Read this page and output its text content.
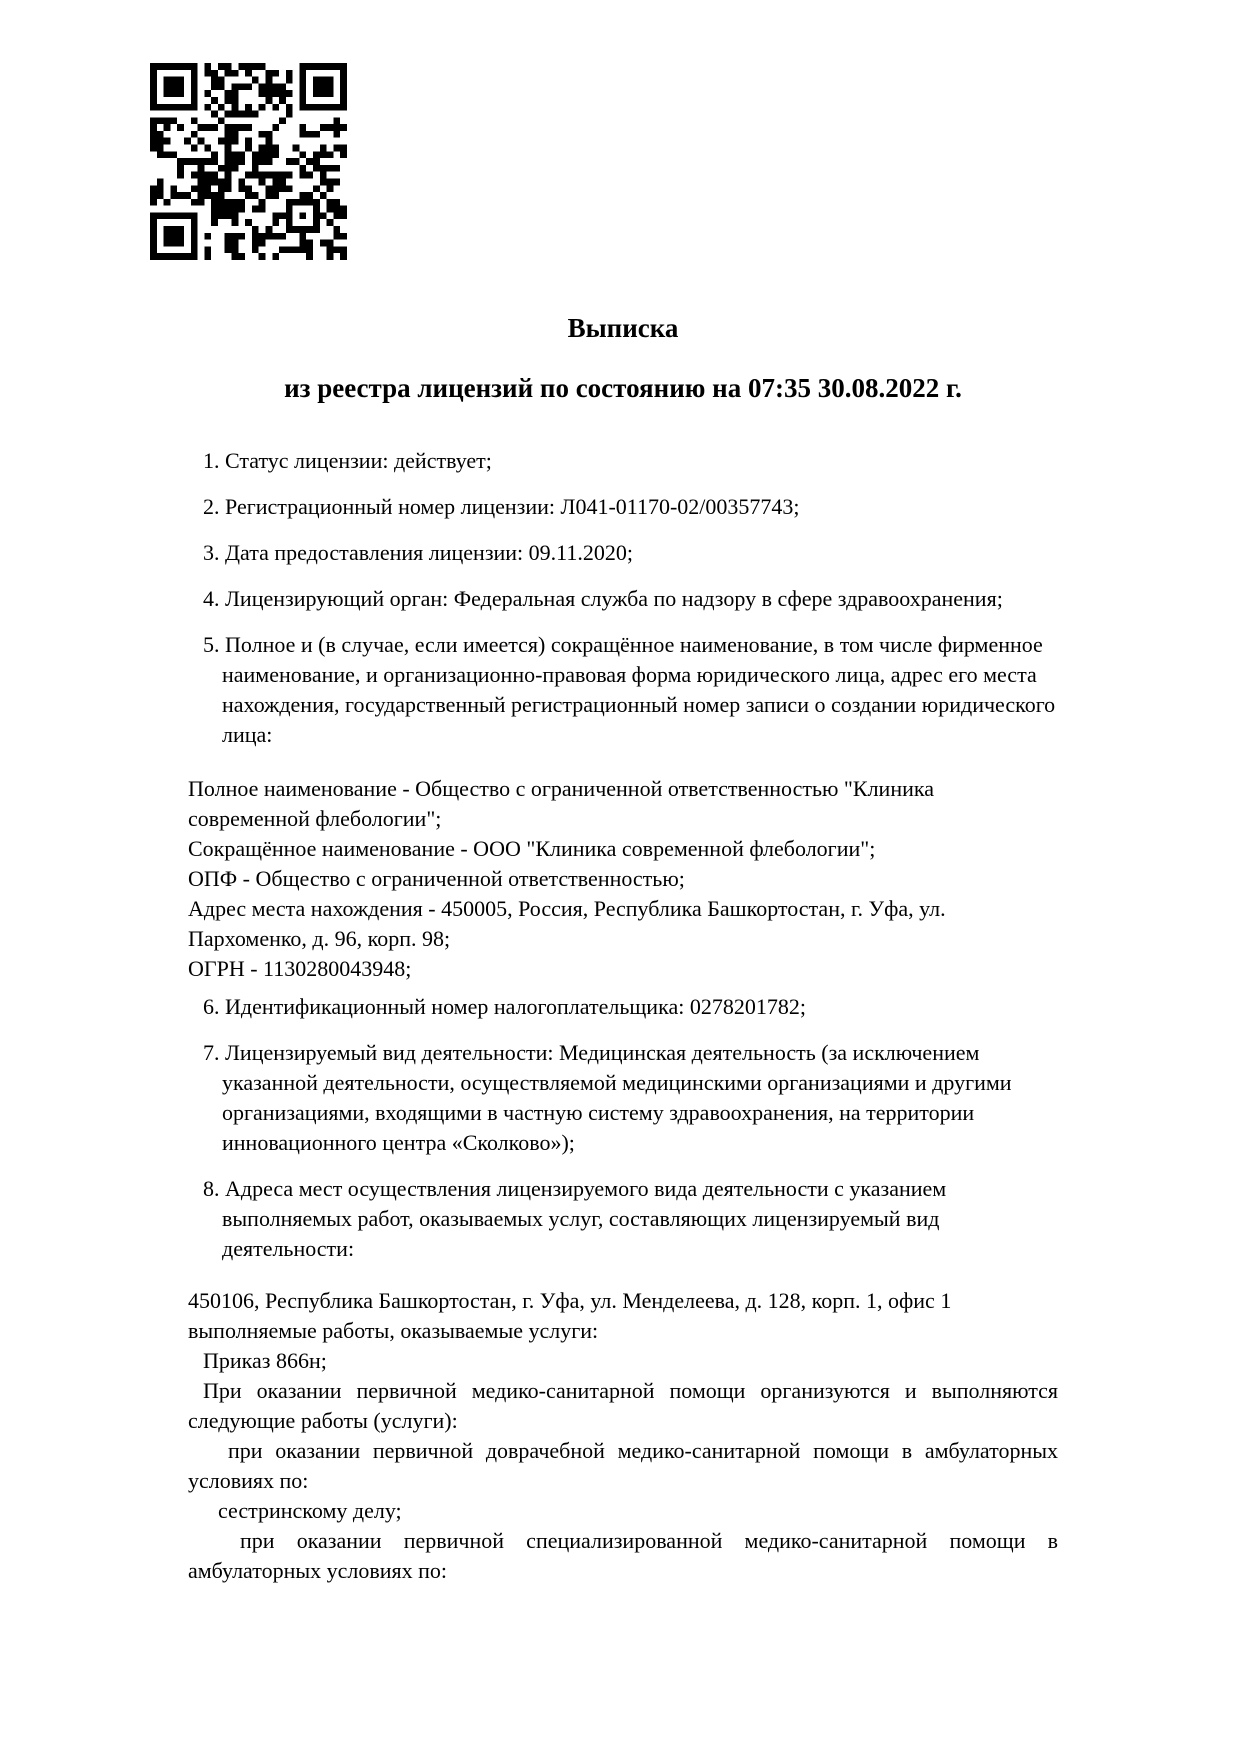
Выписка
из реестра лицензий по состоянию на 07:35 30.08.2022 г.
1. Статус лицензии: действует;
2. Регистрационный номер лицензии: Л041-01170-02/00357743;
3. Дата предоставления лицензии: 09.11.2020;
4. Лицензирующий орган: Федеральная служба по надзору в сфере здравоохранения;
5. Полное и (в случае, если имеется) сокращённое наименование, в том числе фирменное наименование, и организационно-правовая форма юридического лица, адрес его места нахождения, государственный регистрационный номер записи о создании юридического лица:
Полное наименование - Общество с ограниченной ответственностью "Клиника современной флебологии";
Сокращённое наименование - ООО "Клиника современной флебологии";
ОПФ - Общество с ограниченной ответственностью;
Адрес места нахождения - 450005, Россия, Республика Башкортостан, г. Уфа, ул. Пархоменко, д. 96, корп. 98;
ОГРН - 1130280043948;
6. Идентификационный номер налогоплательщика: 0278201782;
7. Лицензируемый вид деятельности: Медицинская деятельность (за исключением указанной деятельности, осуществляемой медицинскими организациями и другими организациями, входящими в частную систему здравоохранения, на территории инновационного центра «Сколково»);
8. Адреса мест осуществления лицензируемого вида деятельности с указанием выполняемых работ, оказываемых услуг, составляющих лицензируемый вид деятельности:
450106, Республика Башкортостан, г. Уфа, ул. Менделеева, д. 128, корп. 1, офис 1
выполняемые работы, оказываемые услуги:
Приказ 866н;
При оказании первичной медико-санитарной помощи организуются и выполняются следующие работы (услуги):
при оказании первичной доврачебной медико-санитарной помощи в амбулаторных условиях по:
сестринскому делу;
при оказании первичной специализированной медико-санитарной помощи в амбулаторных условиях по:
